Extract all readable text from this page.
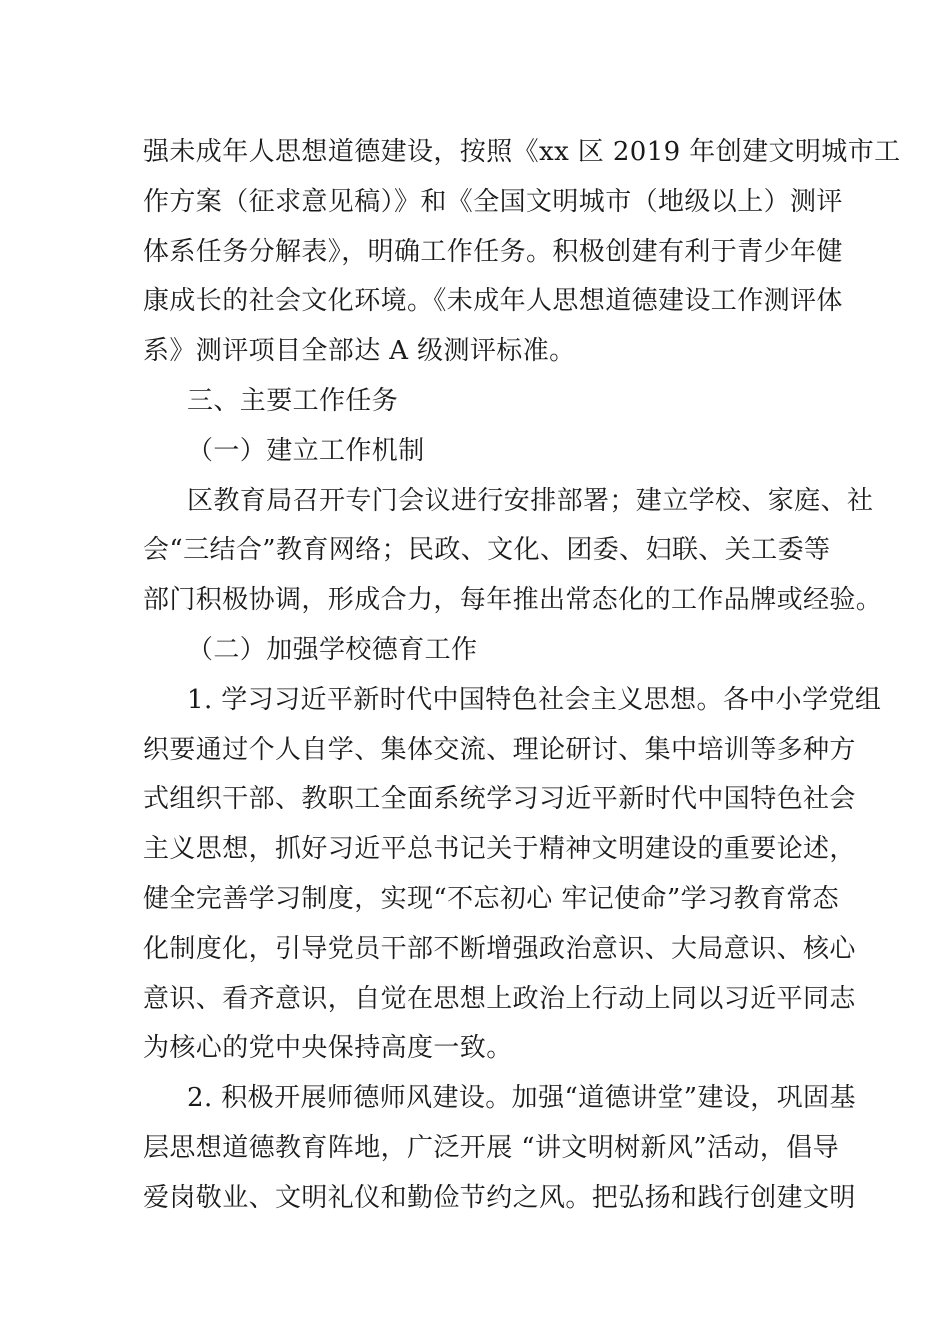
强未成年人思想道德建设，按照《xx 区 2019 年创建文明城市工
作方案（征求意见稿）》和《全国文明城市（地级以上）测评
体系任务分解表》，明确工作任务。积极创建有利于青少年健
康成长的社会文化环境。《未成年人思想道德建设工作测评体
系》测评项目全部达 A 级测评标准。
三、主要工作任务
（一）建立工作机制
区教育局召开专门会议进行安排部署；建立学校、家庭、社
会“三结合”教育网络；民政、文化、团委、妇联、关工委等
部门积极协调，形成合力，每年推出常态化的工作品牌或经验。
（二）加强学校德育工作
1. 学习习近平新时代中国特色社会主义思想。各中小学党组
织要通过个人自学、集体交流、理论研讨、集中培训等多种方
式组织干部、教职工全面系统学习习近平新时代中国特色社会
主义思想，抓好习近平总书记关于精神文明建设的重要论述，
健全完善学习制度，实现“不忘初心 牢记使命”学习教育常态
化制度化，引导党员干部不断增强政治意识、大局意识、核心
意识、看齐意识，自觉在思想上政治上行动上同以习近平同志
为核心的党中央保持高度一致。
2. 积极开展师德师风建设。加强“道德讲堂”建设，巩固基
层思想道德教育阵地，广泛开展 “讲文明树新风”活动，倡导
爱岗敬业、文明礼仪和勤俭节约之风。把弘扬和践行创建文明
